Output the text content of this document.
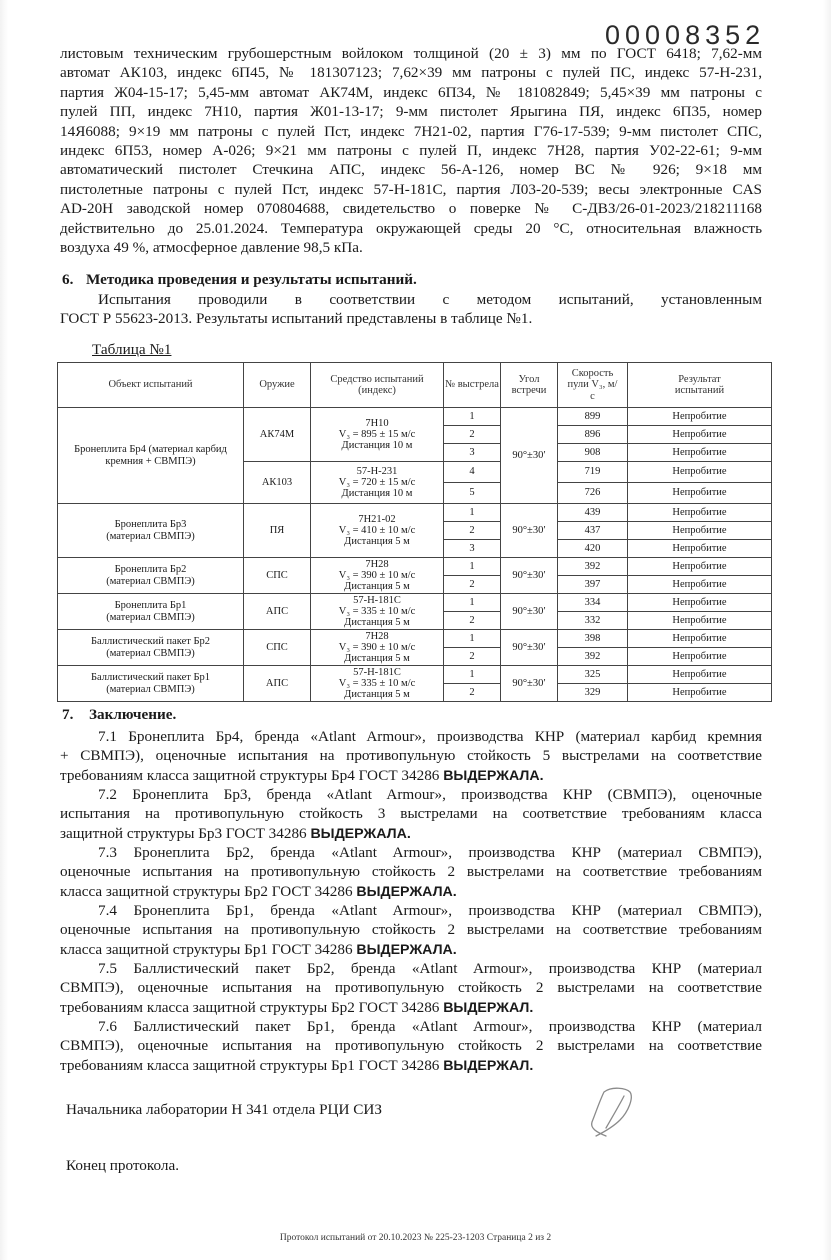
00008352
листовым техническим грубошерстным войлоком толщиной (20 ± 3) мм по ГОСТ 6418; 7,62-мм
автомат АК103, индекс 6П45, № 181307123; 7,62×39 мм патроны с пулей ПС, индекс 57-Н-231,
партия Ж04-15-17; 5,45-мм автомат АК74М, индекс 6П34, № 181082849; 5,45×39 мм патроны с
пулей ПП, индекс 7Н10, партия Ж01-13-17; 9-мм пистолет Ярыгина ПЯ, индекс 6П35, номер
14Я6088; 9×19 мм патроны с пулей Пст, индекс 7Н21-02, партия Г76-17-539; 9-мм пистолет СПС,
индекс 6П53, номер А-026; 9×21 мм патроны с пулей П, индекс 7Н28, партия У02-22-61; 9-мм
автоматический пистолет Стечкина АПС, индекс 56-А-126, номер ВС № 926; 9×18 мм
пистолетные патроны с пулей Пст, индекс 57-Н-181С, партия Л03-20-539; весы электронные CAS
AD-20H заводской номер 070804688, свидетельство о поверке № С-ДВЗ/26-01-2023/218211168
действительно до 25.01.2024. Температура окружающей среды 20 °С, относительная влажность
воздуха 49 %, атмосферное давление 98,5 кПа.
6. Методика проведения и результаты испытаний.
Испытания проводили в соответствии с методом испытаний, установленным
ГОСТ Р 55623-2013. Результаты испытаний представлены в таблице №1.
Таблица №1
Объект испытаний	Оружие	Средство испытаний (индекс)	№ выстрела	Угол встречи	Скорость пули V₃, м/с	Результат испытаний
Бронеплита Бр4 (материал карбид кремния + СВМПЭ)	АК74М	7Н10
V₃ = 895 ± 15 м/с
Дистанция 10 м	1	90°±30′	899	Непробитие
			2		896	Непробитие
			3		908	Непробитие
	АК103	57-Н-231
V₃ = 720 ± 15 м/с
Дистанция 10 м	4		719	Непробитие
			5		726	Непробитие
Бронеплита Бр3 (материал СВМПЭ)	ПЯ	7Н21-02
V₃ = 410 ± 10 м/с
Дистанция 5 м	1	90°±30′	439	Непробитие
			2		437	Непробитие
			3		420	Непробитие
Бронеплита Бр2 (материал СВМПЭ)	СПС	7Н28
V₃ = 390 ± 10 м/с
Дистанция 5 м	1	90°±30′	392	Непробитие
			2		397	Непробитие
Бронеплита Бр1 (материал СВМПЭ)	АПС	57-Н-181С
V₃ = 335 ± 10 м/с
Дистанция 5 м	1	90°±30′	334	Непробитие
			2		332	Непробитие
Баллистический пакет Бр2 (материал СВМПЭ)	СПС	7Н28
V₃ = 390 ± 10 м/с
Дистанция 5 м	1	90°±30′	398	Непробитие
			2		392	Непробитие
Баллистический пакет Бр1 (материал СВМПЭ)	АПС	57-Н-181С
V₃ = 335 ± 10 м/с
Дистанция 5 м	1	90°±30′	325	Непробитие
			2		329	Непробитие
7. Заключение.
7.1 Бронеплита Бр4, бренда «Atlant Armour», производства КНР (материал карбид кремния
+ СВМПЭ), оценочные испытания на противопульную стойкость 5 выстрелами на соответствие
требованиям класса защитной структуры Бр4 ГОСТ 34286 ВЫДЕРЖАЛА.
7.2 Бронеплита Бр3, бренда «Atlant Armour», производства КНР (СВМПЭ), оценочные
испытания на противопульную стойкость 3 выстрелами на соответствие требованиям класса
защитной структуры Бр3 ГОСТ 34286 ВЫДЕРЖАЛА.
7.3 Бронеплита Бр2, бренда «Atlant Armour», производства КНР (материал СВМПЭ),
оценочные испытания на противопульную стойкость 2 выстрелами на соответствие требованиям
класса защитной структуры Бр2 ГОСТ 34286 ВЫДЕРЖАЛА.
7.4 Бронеплита Бр1, бренда «Atlant Armour», производства КНР (материал СВМПЭ),
оценочные испытания на противопульную стойкость 2 выстрелами на соответствие требованиям
класса защитной структуры Бр1 ГОСТ 34286 ВЫДЕРЖАЛА.
7.5 Баллистический пакет Бр2, бренда «Atlant Armour», производства КНР (материал
СВМПЭ), оценочные испытания на противопульную стойкость 2 выстрелами на соответствие
требованиям класса защитной структуры Бр2 ГОСТ 34286 ВЫДЕРЖАЛ.
7.6 Баллистический пакет Бр1, бренда «Atlant Armour», производства КНР (материал
СВМПЭ), оценочные испытания на противопульную стойкость 2 выстрелами на соответствие
требованиям класса защитной структуры Бр1 ГОСТ 34286 ВЫДЕРЖАЛ.
Начальника лаборатории Н 341 отдела РЦИ СИЗ
Конец протокола.
Протокол испытаний от 20.10.2023 № 225-23-1203 Страница 2 из 2
